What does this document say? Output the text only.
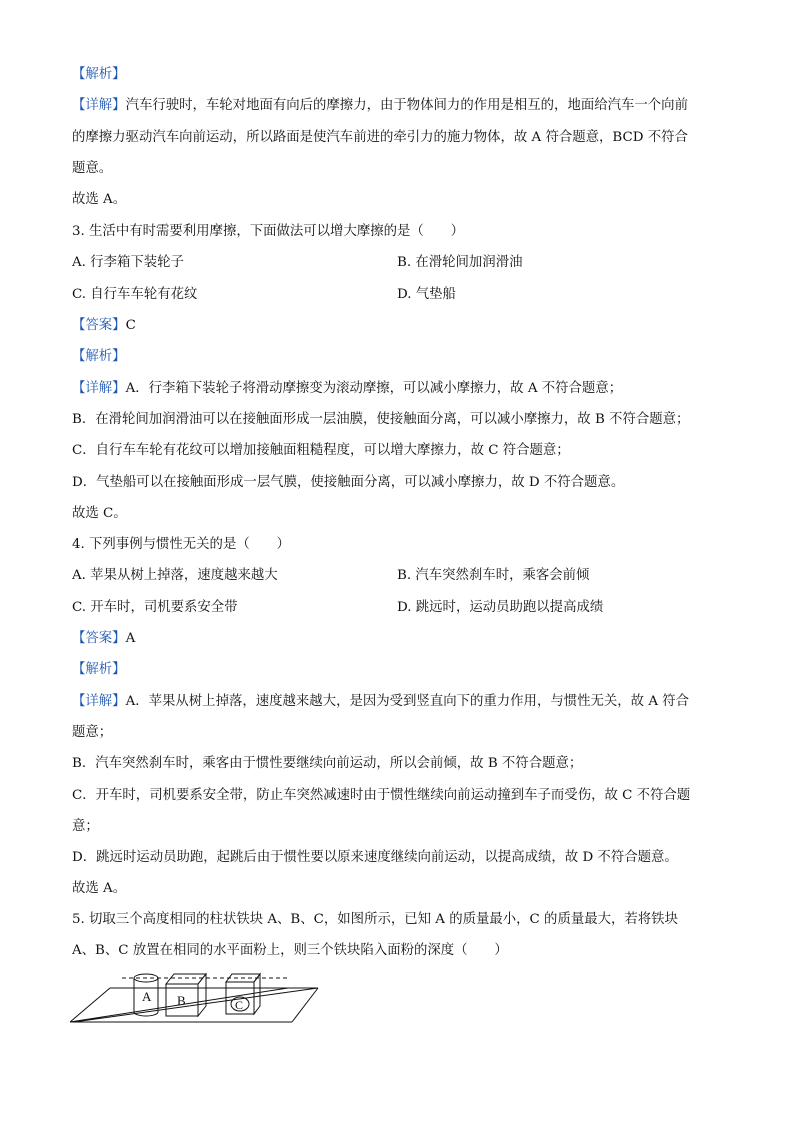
【解析】
【详解】汽车行驶时，车轮对地面有向后的摩擦力，由于物体间力的作用是相互的，地面给汽车一个向前
的摩擦力驱动汽车向前运动，所以路面是使汽车前进的牵引力的施力物体，故 A 符合题意，BCD 不符合
题意。
故选 A。
3. 生活中有时需要利用摩擦，下面做法可以增大摩擦的是（　　）
A. 行李箱下装轮子	B. 在滑轮间加润滑油
C. 自行车车轮有花纹	D. 气垫船
【答案】C
【解析】
【详解】A．行李箱下装轮子将滑动摩擦变为滚动摩擦，可以减小摩擦力，故 A 不符合题意；
B．在滑轮间加润滑油可以在接触面形成一层油膜，使接触面分离，可以减小摩擦力，故 B 不符合题意；
C．自行车车轮有花纹可以增加接触面粗糙程度，可以增大摩擦力，故 C 符合题意；
D．气垫船可以在接触面形成一层气膜，使接触面分离，可以减小摩擦力，故 D 不符合题意。
故选 C。
4. 下列事例与惯性无关的是（　　）
A. 苹果从树上掉落，速度越来越大	B. 汽车突然刹车时，乘客会前倾
C. 开车时，司机要系安全带	D. 跳远时，运动员助跑以提高成绩
【答案】A
【解析】
【详解】A．苹果从树上掉落，速度越来越大，是因为受到竖直向下的重力作用，与惯性无关，故 A 符合
题意；
B．汽车突然刹车时，乘客由于惯性要继续向前运动，所以会前倾，故 B 不符合题意；
C．开车时，司机要系安全带，防止车突然减速时由于惯性继续向前运动撞到车子而受伤，故 C 不符合题
意；
D．跳远时运动员助跑，起跳后由于惯性要以原来速度继续向前运动，以提高成绩，故 D 不符合题意。
故选 A。
5. 切取三个高度相同的柱状铁块 A、B、C，如图所示，已知 A 的质量最小，C 的质量最大，若将铁块
A、B、C 放置在相同的水平面粉上，则三个铁块陷入面粉的深度（　　）
A B	C
